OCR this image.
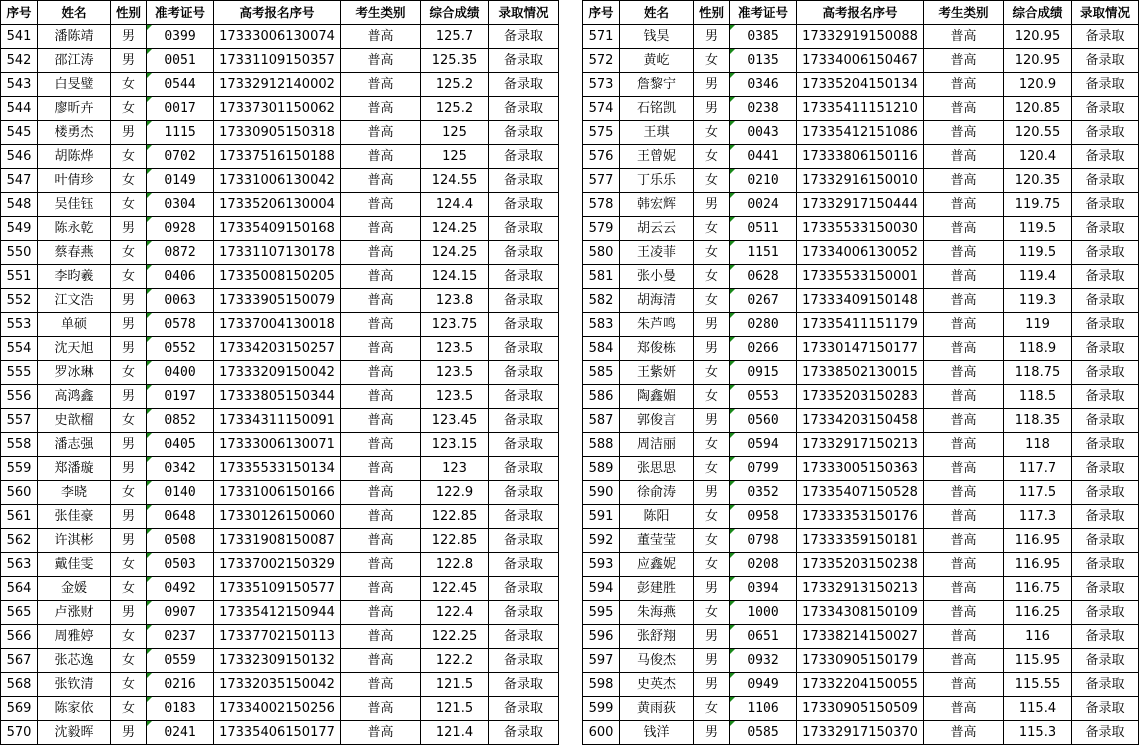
序号	姓名	性别	准考证号	高考报名序号	考生类别	综合成绩	录取情况
541	潘陈靖	男	0399	17333006130074	普高	125.7	备录取
542	邵江涛	男	0051	17331109150357	普高	125.35	备录取
543	白旻璧	女	0544	17332912140002	普高	125.2	备录取
544	廖昕卉	女	0017	17337301150062	普高	125.2	备录取
545	楼勇杰	男	1115	17330905150318	普高	125	备录取
546	胡陈烨	女	0702	17337516150188	普高	125	备录取
547	叶倩珍	女	0149	17331006130042	普高	124.55	备录取
548	吴佳钰	女	0304	17335206130004	普高	124.4	备录取
549	陈永乾	男	0928	17335409150168	普高	124.25	备录取
550	蔡春燕	女	0872	17331107130178	普高	124.25	备录取
551	李昀羲	女	0406	17335008150205	普高	124.15	备录取
552	江文浩	男	0063	17333905150079	普高	123.8	备录取
553	单硕	男	0578	17337004130018	普高	123.75	备录取
554	沈天旭	男	0552	17334203150257	普高	123.5	备录取
555	罗冰琳	女	0400	17333209150042	普高	123.5	备录取
556	高鸿鑫	男	0197	17333805150344	普高	123.5	备录取
557	史歆榴	女	0852	17334311150091	普高	123.45	备录取
558	潘志强	男	0405	17333006130071	普高	123.15	备录取
559	郑潘璇	男	0342	17335533150134	普高	123	备录取
560	李晓	女	0140	17331006150166	普高	122.9	备录取
561	张佳豪	男	0648	17330126150060	普高	122.85	备录取
562	许淇彬	男	0508	17331908150087	普高	122.85	备录取
563	戴佳雯	女	0503	17337002150329	普高	122.8	备录取
564	金媛	女	0492	17335109150577	普高	122.45	备录取
565	卢涨财	男	0907	17335412150944	普高	122.4	备录取
566	周雅婷	女	0237	17337702150113	普高	122.25	备录取
567	张芯逸	女	0559	17332309150132	普高	122.2	备录取
568	张钦清	女	0216	17332035150042	普高	121.5	备录取
569	陈家依	女	0183	17334002150256	普高	121.5	备录取
570	沈毅晖	男	0241	17335406150177	普高	121.4	备录取
序号	姓名	性别	准考证号	高考报名序号	考生类别	综合成绩	录取情况
571	钱昊	男	0385	17332919150088	普高	120.95	备录取
572	黄屹	女	0135	17334006150467	普高	120.95	备录取
573	詹黎宁	男	0346	17335204150134	普高	120.9	备录取
574	石铭凯	男	0238	17335411151210	普高	120.85	备录取
575	王琪	女	0043	17335412151086	普高	120.55	备录取
576	王曾妮	女	0441	17333806150116	普高	120.4	备录取
577	丁乐乐	女	0210	17332916150010	普高	120.35	备录取
578	韩宏辉	男	0024	17332917150444	普高	119.75	备录取
579	胡云云	女	0511	17335533150030	普高	119.5	备录取
580	王凌菲	女	1151	17334006130052	普高	119.5	备录取
581	张小曼	女	0628	17335533150001	普高	119.4	备录取
582	胡海清	女	0267	17333409150148	普高	119.3	备录取
583	朱芦鸣	男	0280	17335411151179	普高	119	备录取
584	郑俊栋	男	0266	17330147150177	普高	118.9	备录取
585	王紫妍	女	0915	17338502130015	普高	118.75	备录取
586	陶鑫媚	女	0553	17335203150283	普高	118.5	备录取
587	郭俊言	男	0560	17334203150458	普高	118.35	备录取
588	周洁丽	女	0594	17332917150213	普高	118	备录取
589	张思思	女	0799	17333005150363	普高	117.7	备录取
590	徐俞涛	男	0352	17335407150528	普高	117.5	备录取
591	陈阳	女	0958	17333353150176	普高	117.3	备录取
592	董莹莹	女	0798	17333359150181	普高	116.95	备录取
593	应鑫妮	女	0208	17335203150238	普高	116.95	备录取
594	彭建胜	男	0394	17332913150213	普高	116.75	备录取
595	朱海燕	女	1000	17334308150109	普高	116.25	备录取
596	张舒翔	男	0651	17338214150027	普高	116	备录取
597	马俊杰	男	0932	17330905150179	普高	115.95	备录取
598	史英杰	男	0949	17332204150055	普高	115.55	备录取
599	黄雨荻	女	1106	17330905150509	普高	115.4	备录取
600	钱洋	男	0585	17332917150370	普高	115.3	备录取
